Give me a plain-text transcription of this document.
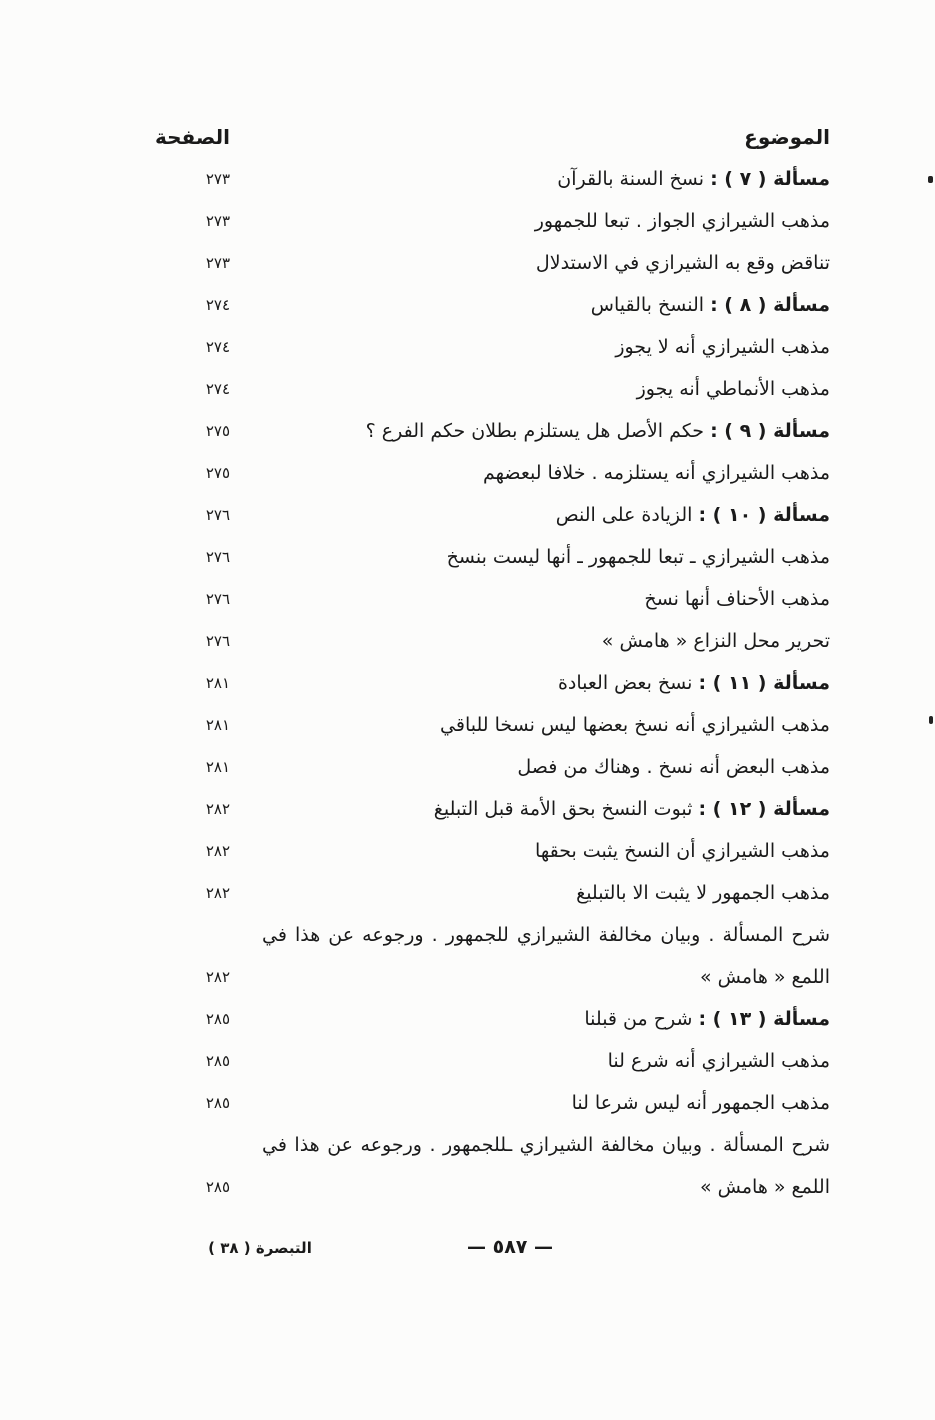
الموضوع
الصفحة
مسألة ( ٧ ) : نسخ السنة بالقرآن
٢٧٣
مذهب الشيرازي الجواز . تبعا للجمهور
٢٧٣
تناقض وقع به الشيرازي في الاستدلال
٢٧٣
مسألة ( ٨ ) : النسخ بالقياس
٢٧٤
مذهب الشيرازي أنه لا يجوز
٢٧٤
مذهب الأنماطي أنه يجوز
٢٧٤
مسألة ( ٩ ) : حكم الأصل هل يستلزم بطلان حكم الفرع ؟
٢٧٥
مذهب الشيرازي أنه يستلزمه . خلافا لبعضهم
٢٧٥
مسألة ( ١٠ ) : الزيادة على النص
٢٧٦
مذهب الشيرازي ـ تبعا للجمهور ـ أنها ليست بنسخ
٢٧٦
مذهب الأحناف أنها نسخ
٢٧٦
تحرير محل النزاع « هامش »
٢٧٦
مسألة ( ١١ ) : نسخ بعض العبادة
٢٨١
مذهب الشيرازي أنه نسخ بعضها ليس نسخا للباقي
٢٨١
مذهب البعض أنه نسخ . وهناك من فصل
٢٨١
مسألة ( ١٢ ) : ثبوت النسخ بحق الأمة قبل التبليغ
٢٨٢
مذهب الشيرازي أن النسخ يثبت بحقها
٢٨٢
مذهب الجمهور لا يثبت الا بالتبليغ
٢٨٢
شرح المسألة . وبيان مخالفة الشيرازي للجمهور . ورجوعه عن هذا في
اللمع « هامش »
٢٨٢
مسألة ( ١٣ ) : شرح من قبلنا
٢٨٥
مذهب الشيرازي أنه شرع لنا
٢٨٥
مذهب الجمهور أنه ليس شرعا لنا
٢٨٥
شرح المسألة . وبيان مخالفة الشيرازي ـللجمهور . ورجوعه عن هذا في
اللمع « هامش »
٢٨٥
— ٥٨٧ —
التبصرة ( ٣٨ )
